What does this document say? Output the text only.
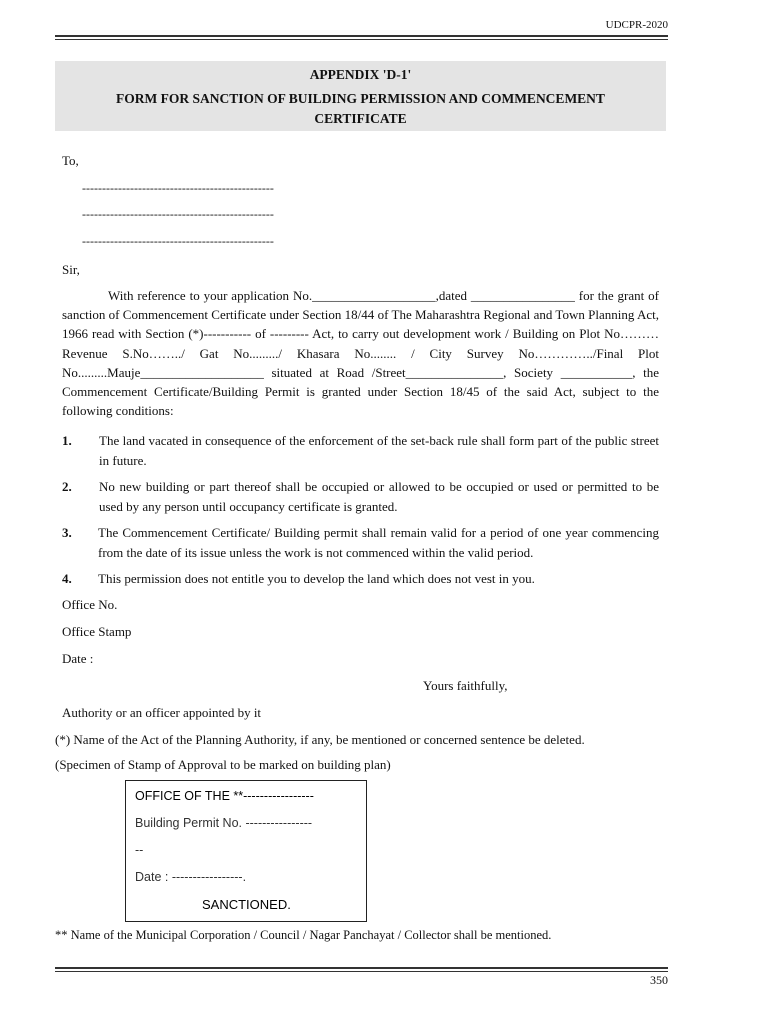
UDCPR-2020
APPENDIX 'D-1'
FORM FOR SANCTION OF BUILDING PERMISSION AND COMMENCEMENT CERTIFICATE
To,
------------------------------------------------
------------------------------------------------
------------------------------------------------
Sir,
With reference to your application No.___________________,dated ________________ for the grant of sanction of Commencement Certificate under Section 18/44 of The Maharashtra Regional and Town Planning Act, 1966 read with Section (*)----------- of --------- Act, to carry out development work / Building on Plot No……… Revenue S.No……../ Gat No........./ Khasara No........ / City Survey No…………../Final Plot No.........Mauje___________________ situated at Road /Street_______________, Society ___________, the Commencement Certificate/Building Permit is granted under Section 18/45 of the said Act, subject to the following conditions:
1. The land vacated in consequence of the enforcement of the set-back rule shall form part of the public street in future.
2. No new building or part thereof shall be occupied or allowed to be occupied or used or permitted to be used by any person until occupancy certificate is granted.
3. The Commencement Certificate/ Building permit shall remain valid for a period of one year commencing from the date of its issue unless the work is not commenced within the valid period.
4. This permission does not entitle you to develop the land which does not vest in you.
Office No.
Office Stamp
Date :
Yours faithfully,
Authority or an officer appointed by it
(*) Name of the Act of the Planning Authority, if any, be mentioned or concerned sentence be deleted.
(Specimen of Stamp of Approval to be marked on building plan)
OFFICE OF THE **-----------------
Building Permit No. ----------------
--
Date : -----------------.
SANCTIONED.
** Name of the Municipal Corporation / Council / Nagar Panchayat / Collector shall be mentioned.
350
